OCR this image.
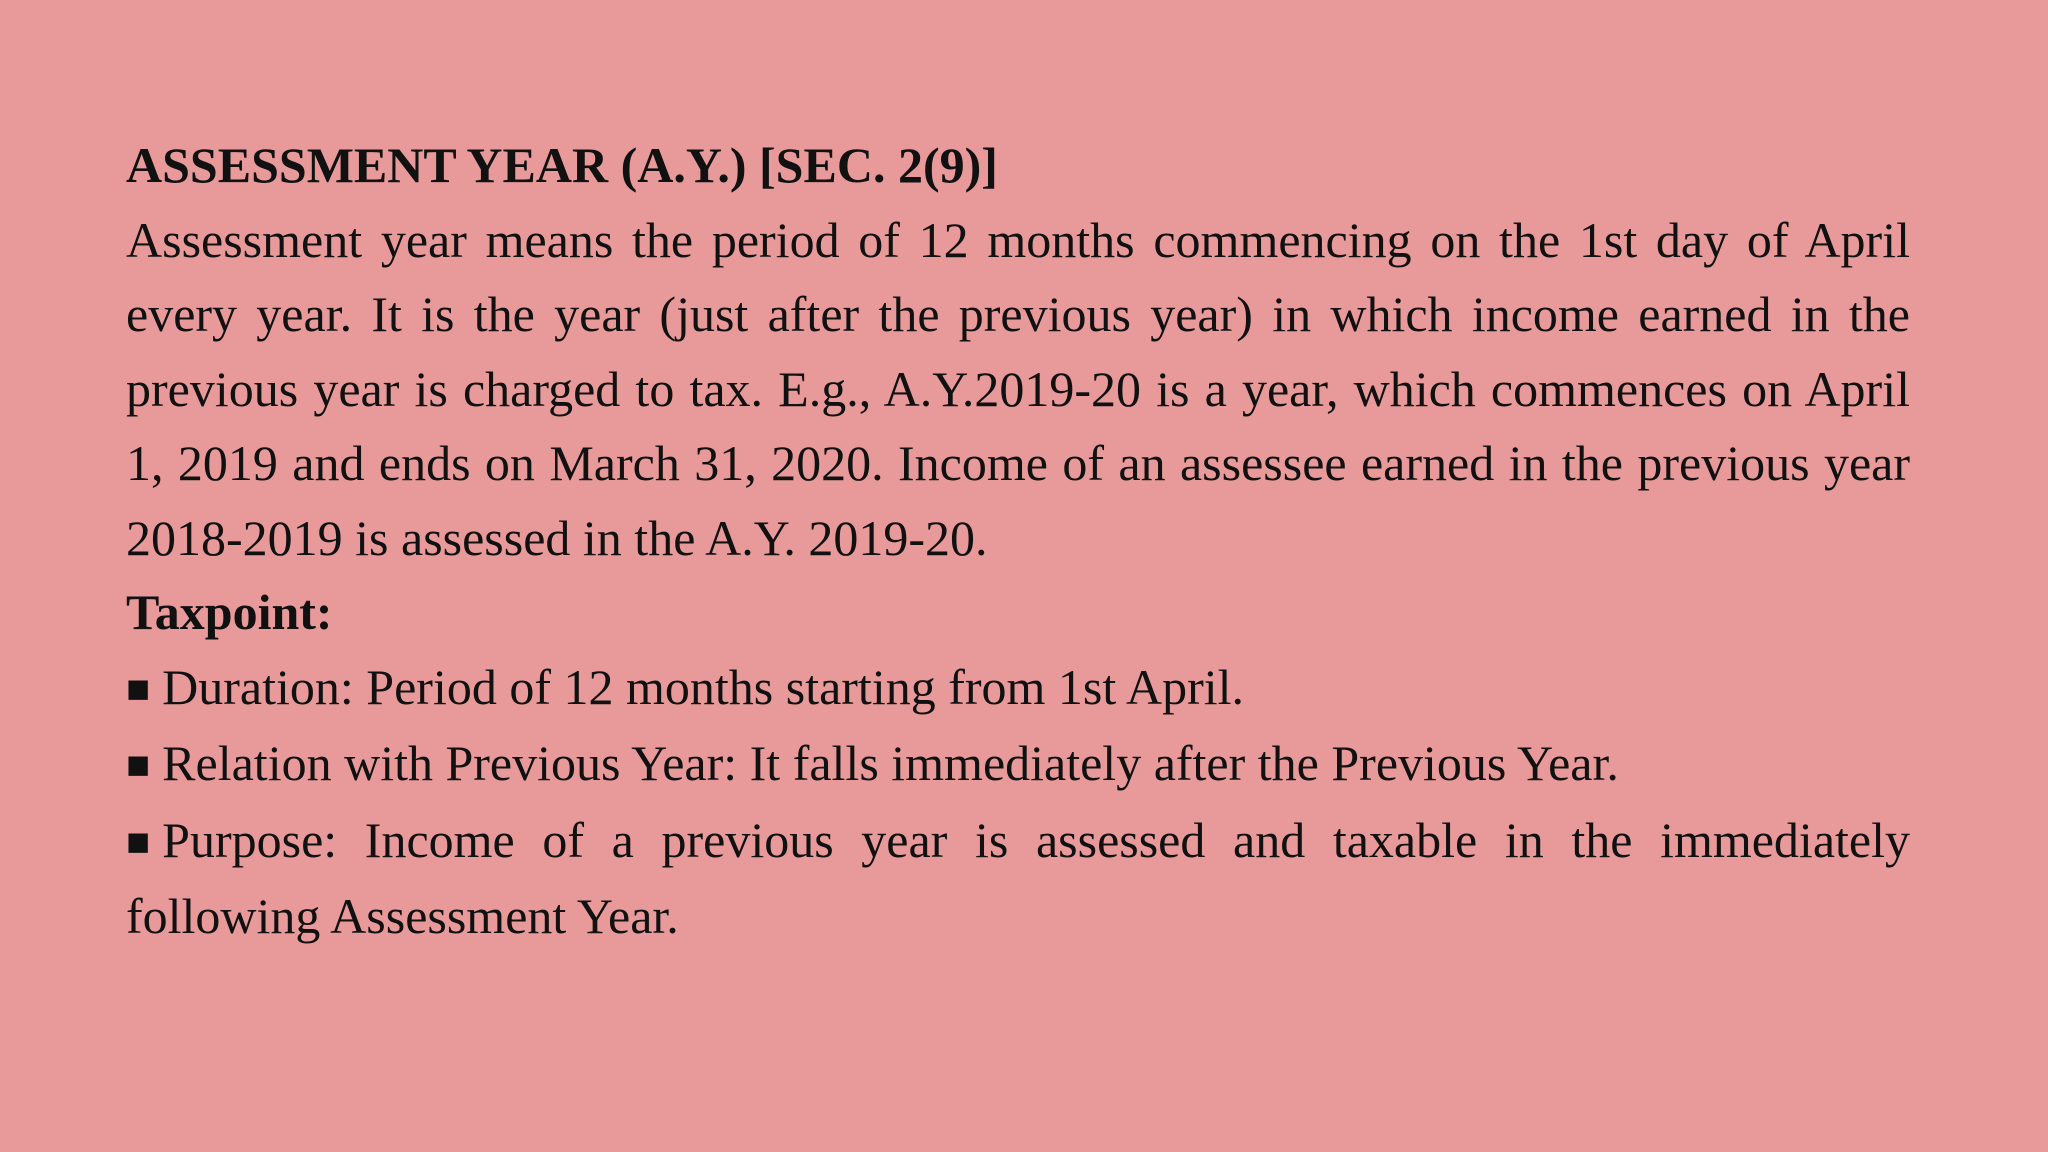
ASSESSMENT YEAR (A.Y.) [SEC. 2(9)]

Assessment year means the period of 12 months commencing on the 1st day of April every year. It is the year (just after the previous year) in which income earned in the previous year is charged to tax. E.g., A.Y.2019-20 is a year, which commences on April 1, 2019 and ends on March 31, 2020. Income of an assessee earned in the previous year 2018-2019 is assessed in the A.Y. 2019-20.

Taxpoint:

■ Duration: Period of 12 months starting from 1st April.
■ Relation with Previous Year: It falls immediately after the Previous Year.
■ Purpose: Income of a previous year is assessed and taxable in the immediately following Assessment Year.
